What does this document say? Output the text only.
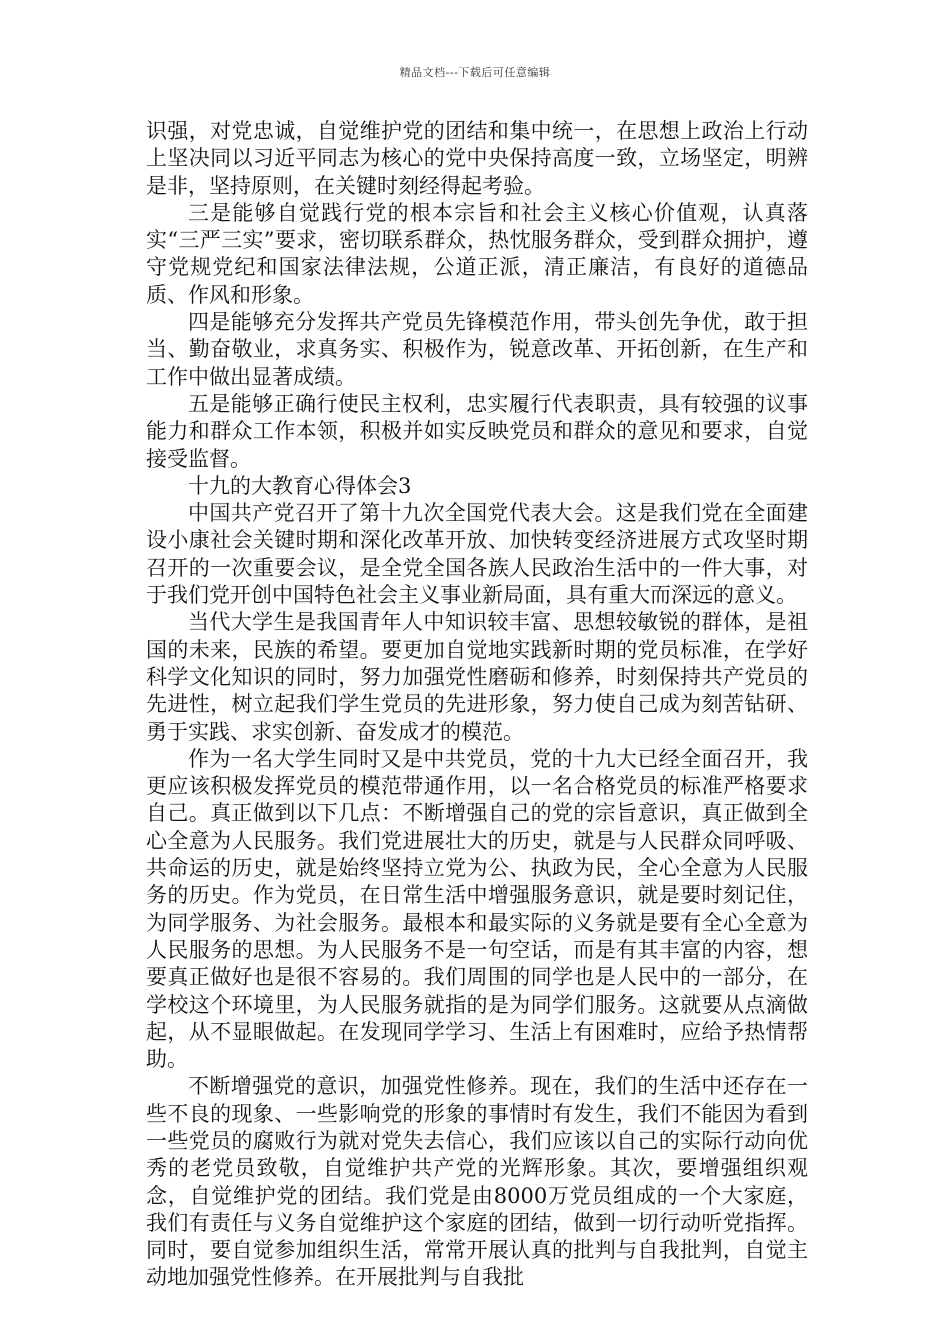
精品文档---下载后可任意编辑

识强，对党忠诚，自觉维护党的团结和集中统一，在思想上政治上行动上坚决同以习近平同志为核心的党中央保持高度一致，立场坚定，明辨是非，坚持原则，在关键时刻经得起考验。

三是能够自觉践行党的根本宗旨和社会主义核心价值观，认真落实“三严三实”要求，密切联系群众，热忱服务群众，受到群众拥护，遵守党规党纪和国家法律法规，公道正派，清正廉洁，有良好的道德品质、作风和形象。

四是能够充分发挥共产党员先锋模范作用，带头创先争优，敢于担当、勤奋敬业，求真务实、积极作为，锐意改革、开拓创新，在生产和工作中做出显著成绩。

五是能够正确行使民主权利，忠实履行代表职责，具有较强的议事能力和群众工作本领，积极并如实反映党员和群众的意见和要求，自觉接受监督。

十九的大教育心得体会3

中国共产党召开了第十九次全国党代表大会。这是我们党在全面建设小康社会关键时期和深化改革开放、加快转变经济进展方式攻坚时期召开的一次重要会议，是全党全国各族人民政治生活中的一件大事，对于我们党开创中国特色社会主义事业新局面，具有重大而深远的意义。

当代大学生是我国青年人中知识较丰富、思想较敏锐的群体，是祖国的未来，民族的希望。要更加自觉地实践新时期的党员标准，在学好科学文化知识的同时，努力加强党性磨砺和修养，时刻保持共产党员的先进性，树立起我们学生党员的先进形象，努力使自己成为刻苦钻研、勇于实践、求实创新、奋发成才的模范。

作为一名大学生同时又是中共党员，党的十九大已经全面召开，我更应该积极发挥党员的模范带通作用，以一名合格党员的标准严格要求自己。真正做到以下几点：不断增强自己的党的宗旨意识，真正做到全心全意为人民服务。我们党进展壮大的历史，就是与人民群众同呼吸、共命运的历史，就是始终坚持立党为公、执政为民，全心全意为人民服务的历史。作为党员，在日常生活中增强服务意识，就是要时刻记住，为同学服务、为社会服务。最根本和最实际的义务就是要有全心全意为人民服务的思想。为人民服务不是一句空话，而是有其丰富的内容，想要真正做好也是很不容易的。我们周围的同学也是人民中的一部分，在学校这个环境里，为人民服务就指的是为同学们服务。这就要从点滴做起，从不显眼做起。在发现同学学习、生活上有困难时，应给予热情帮助。

不断增强党的意识，加强党性修养。现在，我们的生活中还存在一些不良的现象、一些影响党的形象的事情时有发生，我们不能因为看到一些党员的腐败行为就对党失去信心，我们应该以自己的实际行动向优秀的老党员致敬，自觉维护共产党的光辉形象。其次，要增强组织观念，自觉维护党的团结。我们党是由8000万党员组成的一个大家庭，我们有责任与义务自觉维护这个家庭的团结，做到一切行动听党指挥。同时，要自觉参加组织生活，常常开展认真的批判与自我批判，自觉主动地加强党性修养。在开展批判与自我批
